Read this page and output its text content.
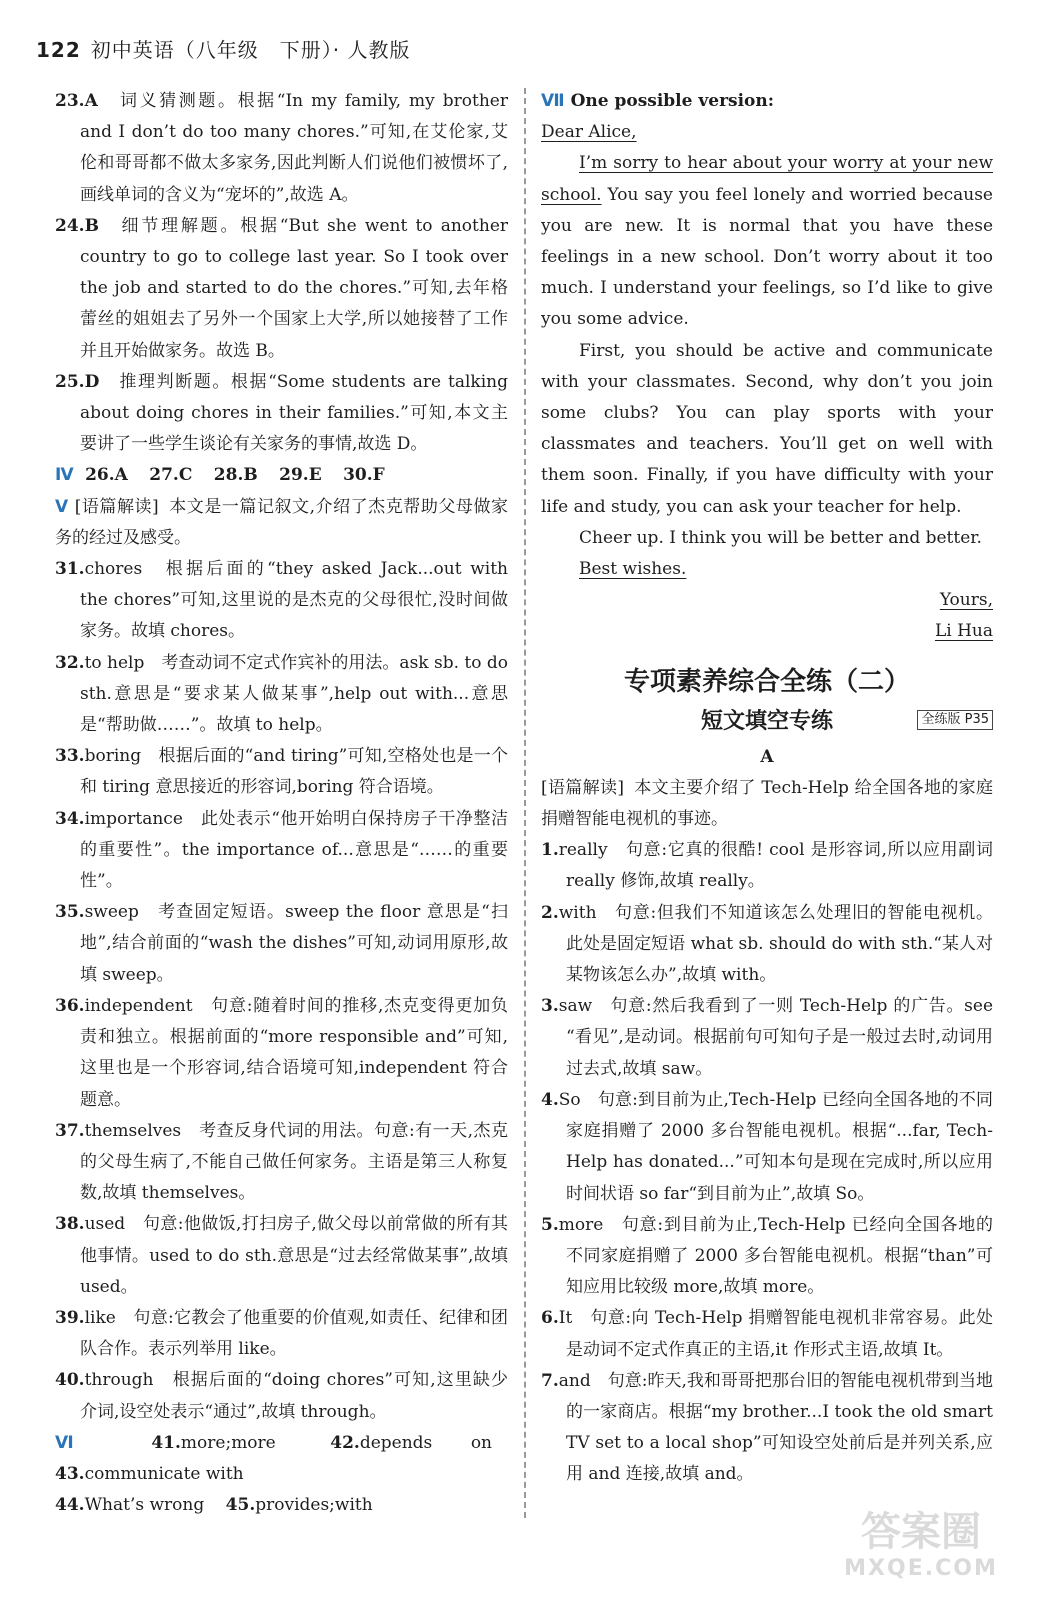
122 初中英语（八年级　下册）· 人教版

23.A　 词义猜测题。根据“In my family, my brother and I don’t do too many chores.”可知,在艾伦家,艾伦和哥哥都不做太多家务,因此判断人们说他们被惯坏了,画线单词的含义为“宠坏的”,故选 A。

24.B　 细节理解题。根据“But she went to another country to go to college last year. So I took over the job and started to do the chores.”可知,去年格蕾丝的姐姐去了另外一个国家上大学,所以她接替了工作并且开始做家务。故选 B。

25.D　 推理判断题。根据“Some students are talking about doing chores in their families.”可知,本文主要讲了一些学生谈论有关家务的事情,故选 D。

Ⅳ 26.A 27.C 28.B 29.E 30.F

Ⅴ [语篇解读] 本文是一篇记叙文,介绍了杰克帮助父母做家务的经过及感受。

31.chores　 根据后面的“they asked Jack...out with the chores”可知,这里说的是杰克的父母很忙,没时间做家务。故填 chores。

32.to help　 考查动词不定式作宾补的用法。ask sb. to do sth.意思是“要求某人做某事”,help out with...意思是“帮助做……”。故填 to help。

33.boring　 根据后面的“and tiring”可知,空格处也是一个和 tiring 意思接近的形容词,boring 符合语境。

34.importance　 此处表示“他开始明白保持房子干净整洁的重要性”。the importance of...意思是“……的重要性”。

35.sweep　 考查固定短语。sweep the floor 意思是“扫地”,结合前面的“wash the dishes”可知,动词用原形,故填 sweep。

36.independent　 句意:随着时间的推移,杰克变得更加负责和独立。根据前面的“more responsible and”可知,这里也是一个形容词,结合语境可知,independent 符合题意。

37.themselves　 考查反身代词的用法。句意:有一天,杰克的父母生病了,不能自己做任何家务。主语是第三人称复数,故填 themselves。

38.used　 句意:他做饭,打扫房子,做父母以前常做的所有其他事情。used to do sth.意思是“过去经常做某事”,故填 used。

39.like　 句意:它教会了他重要的价值观,如责任、纪律和团队合作。表示列举用 like。

40.through　 根据后面的“doing chores”可知,这里缺少介词,设空处表示“通过”,故填 through。

Ⅵ	41.more;more	42.depends on 43.communicate with

44.What’s wrong 45.provides;with

Ⅶ One possible version:

Dear Alice,

I’m sorry to hear about your worry at your new school. You say you feel lonely and worried because you are new. It is normal that you have these feelings in a new school. Don’t worry about it too much. I understand your feelings, so I’d like to give you some advice.

First, you should be active and communicate with your classmates. Second, why don’t you join some clubs? You can play sports with your classmates and teachers. You’ll get on well with them soon. Finally, if you have difficulty with your life and study, you can ask your teacher for help.

Cheer up. I think you will be better and better.

Best wishes.

Yours,

Li Hua

专项素养综合全练（二）
短文填空专练	全练版 P35

A

[语篇解读] 本文主要介绍了 Tech-Help 给全国各地的家庭捐赠智能电视机的事迹。

1.really　 句意:它真的很酷! cool 是形容词,所以应用副词 really 修饰,故填 really。

2.with　 句意:但我们不知道该怎么处理旧的智能电视机。此处是固定短语 what sb. should do with sth.“某人对某物该怎么办”,故填 with。

3.saw　 句意:然后我看到了一则 Tech-Help 的广告。see “看见”,是动词。根据前句可知句子是一般过去时,动词用过去式,故填 saw。

4.So　 句意:到目前为止,Tech-Help 已经向全国各地的不同家庭捐赠了 2000 多台智能电视机。根据“...far, Tech-Help has donated...”可知本句是现在完成时,所以应用时间状语 so far“到目前为止”,故填 So。

5.more　 句意:到目前为止,Tech-Help 已经向全国各地的不同家庭捐赠了 2000 多台智能电视机。根据“than”可知应用比较级 more,故填 more。

6.It　 句意:向 Tech-Help 捐赠智能电视机非常容易。此处是动词不定式作真正的主语,it 作形式主语,故填 It。

7.and　 句意:昨天,我和哥哥把那台旧的智能电视机带到当地的一家商店。根据“my brother...I took the old smart TV set to a local shop”可知设空处前后是并列关系,应用 and 连接,故填 and。

答案圈
MXQE.COM
